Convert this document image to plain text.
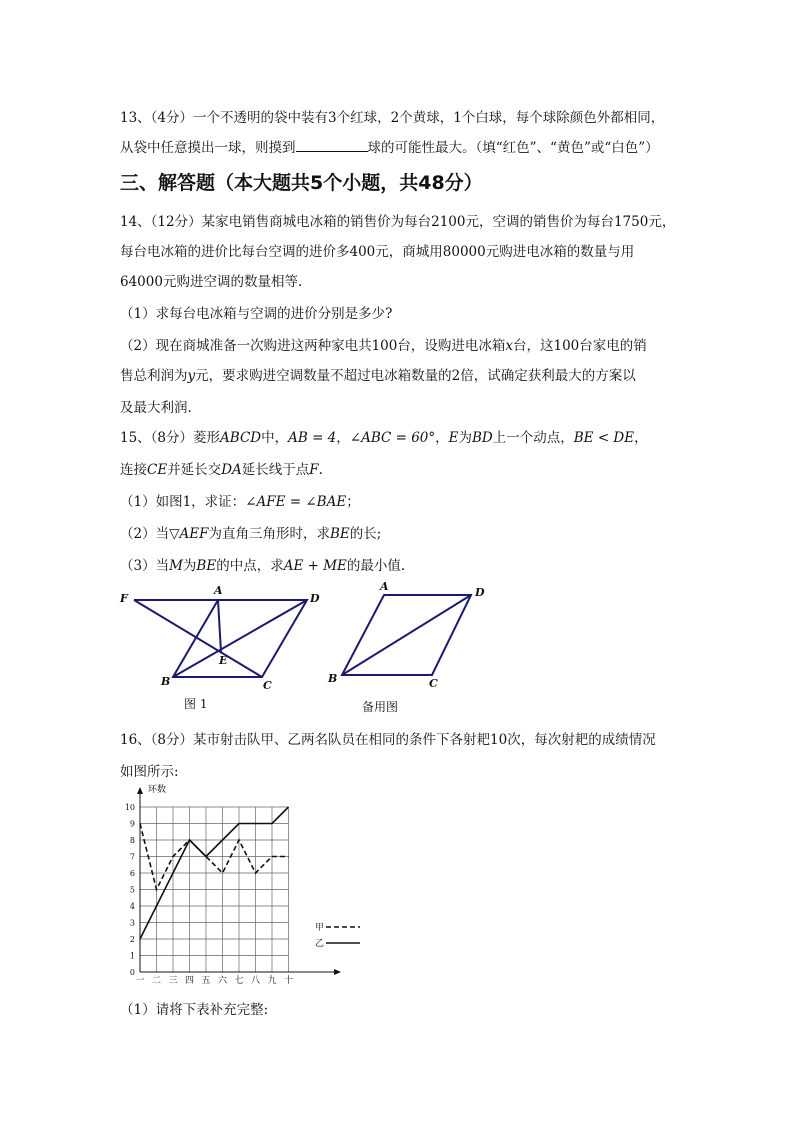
13、（4分）一个不透明的袋中装有3个红球，2个黄球，1个白球，每个球除颜色外都相同，
从袋中任意摸出一球，则摸到	球的可能性最大。（填“红色”、“黄色”或“白色”）
三、解答题（本大题共5个小题，共48分）
14、（12分）某家电销售商城电冰箱的销售价为每台2100元，空调的销售价为每台1750元，
每台电冰箱的进价比每台空调的进价多400元，商城用80000元购进电冰箱的数量与用
64000元购进空调的数量相等.
（1）求每台电冰箱与空调的进价分别是多少?
（2）现在商城准备一次购进这两种家电共100台，设购进电冰箱x台，这100台家电的销
售总利润为y元，要求购进空调数量不超过电冰箱数量的2倍，试确定获利最大的方案以
及最大利润.
15、（8分）菱形ABCD中，AB = 4，∠ABC = 60°，E为BD上一个动点，BE < DE，
连接CE并延长交DA延长线于点F.
（1）如图1，求证：∠AFE = ∠BAE；
（2）当▽AEF为直角三角形时，求BE的长;
（3）当M为BE的中点，求AE + ME的最小值.
F
A
D
E
B	C
图 1
A	D
B	C
备用图
16、（8分）某市射击队甲、乙两名队员在相同的条件下各射耙10次，每次射耙的成绩情况
如图所示:
0
1
2
3
4
5
6
7
8
9
10
一 二 三 四 五 六 七 八 九 十
甲
乙
环数
（1）请将下表补充完整:
